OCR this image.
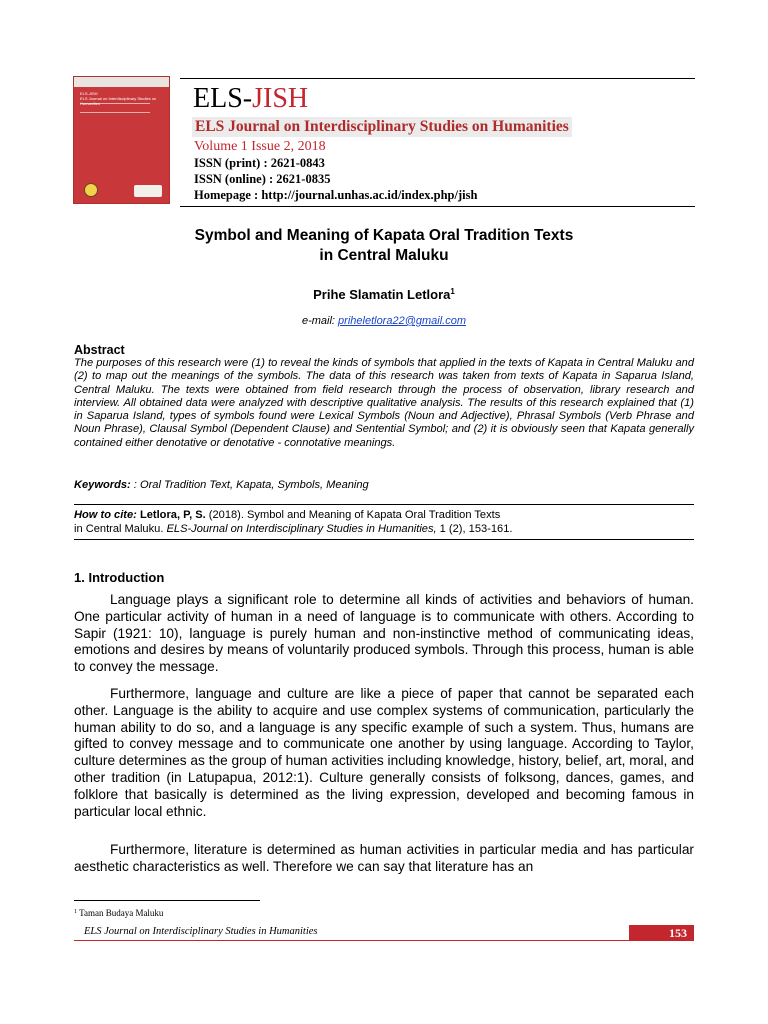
ELS-JISH
ELS Journal on Interdisciplinary Studies on Humanities	ELS-JISH
ELS Journal on Interdisciplinary Studies on Humanities
Volume 1 Issue 2, 2018
ISSN (print) : 2621-0843
ISSN (online) : 2621-0835
Homepage : http://journal.unhas.ac.id/index.php/jish
Symbol and Meaning of Kapata Oral Tradition Texts
in Central Maluku
Prihe Slamatin Letlora$^1$
e-mail: priheletlora22@gmail.com
Abstract
The purposes of this research were (1) to reveal the kinds of symbols that applied in the texts of Kapata in Central Maluku and (2) to map out the meanings of the symbols. The data of this research was taken from texts of Kapata in Saparua Island, Central Maluku. The texts were obtained from field research through the process of observation, library research and interview. All obtained data were analyzed with descriptive qualitative analysis. The results of this research explained that (1) in Saparua Island, types of symbols found were Lexical Symbols (Noun and Adjective), Phrasal Symbols (Verb Phrase and Noun Phrase), Clausal Symbol (Dependent Clause) and Sentential Symbol; and (2) it is obviously seen that Kapata generally contained either denotative or denotative - connotative meanings.
Keywords: : Oral Tradition Text, Kapata, Symbols, Meaning
How to cite: Letlora, P, S. (2018). Symbol and Meaning of Kapata Oral Tradition Texts
in Central Maluku. ELS-Journal on Interdisciplinary Studies in Humanities, 1 (2), 153-161.
1. Introduction
Language plays a significant role to determine all kinds of activities and behaviors of human. One particular activity of human in a need of language is to communicate with others. According to Sapir (1921: 10), language is purely human and non-instinctive method of communicating ideas, emotions and desires by means of voluntarily produced symbols. Through this process, human is able to convey the message.
Furthermore, language and culture are like a piece of paper that cannot be separated each other. Language is the ability to acquire and use complex systems of communication, particularly the human ability to do so, and a language is any specific example of such a system. Thus, humans are gifted to convey message and to communicate one another by using language. According to Taylor, culture determines as the group of human activities including knowledge, history, belief, art, moral, and other tradition (in Latupapua, 2012:1). Culture generally consists of folksong, dances, games, and folklore that basically is determined as the living expression, developed and becoming famous in particular local ethnic.
Furthermore, literature is determined as human activities in particular media and has particular aesthetic characteristics as well. Therefore we can say that literature has an
$^1$ Taman Budaya Maluku
ELS Journal on Interdisciplinary Studies in Humanities	153
